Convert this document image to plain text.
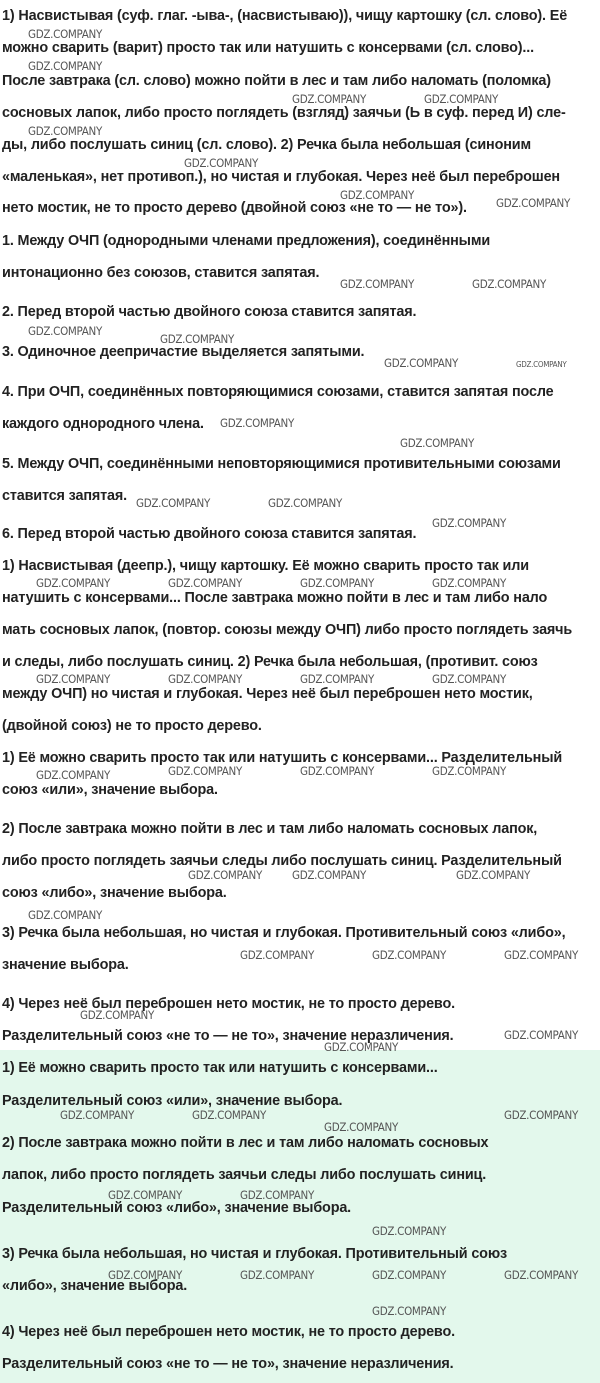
1) Насвистывая (суф. глаг. -ыва-, (насвистываю)), чищу картошку (сл. слово). Её
можно сварить (варит) просто так или натушить с консервами (сл. слово)...
После завтрака (сл. слово) можно пойти в лес и там либо наломать (поломка)
сосновых лапок, либо просто поглядеть (взгляд) заячьи (Ь в суф. перед И) сле-
ды, либо послушать синиц (сл. слово). 2) Речка была небольшая (синоним
«маленькая», нет противоп.), но чистая и глубокая. Через неё был переброшен
нето мостик, не то просто дерево (двойной союз «не то — не то»).
1. Между ОЧП (однородными членами предложения), соединёнными
интонационно без союзов, ставится запятая.
2. Перед второй частью двойного союза ставится запятая.
3. Одиночное деепричастие выделяется запятыми.
4. При ОЧП, соединённых повторяющимися союзами, ставится запятая после
каждого однородного члена.
5. Между ОЧП, соединёнными неповторяющимися противительными союзами
ставится запятая.
6. Перед второй частью двойного союза ставится запятая.
1) Насвистывая (деепр.), чищу картошку. Её можно сварить просто так или
натушить с консервами... После завтрака можно пойти в лес и там либо нало
мать сосновых лапок, (повтор. союзы между ОЧП) либо просто поглядеть заячь
и следы, либо послушать синиц. 2) Речка была небольшая, (противит. союз
между ОЧП) но чистая и глубокая. Через неё был переброшен нето мостик,
(двойной союз) не то просто дерево.
1) Её можно сварить просто так или натушить с консервами... Разделительный
союз «или», значение выбора.
2) После завтрака можно пойти в лес и там либо наломать сосновых лапок,
либо просто поглядеть заячьи следы либо послушать синиц. Разделительный
союз «либо», значение выбора.
3) Речка была небольшая, но чистая и глубокая. Противительный союз «либо»,
значение выбора.
4) Через неё был переброшен нето мостик, не то просто дерево.
Разделительный союз «не то — не то», значение неразличения.
1) Её можно сварить просто так или натушить с консервами...
Разделительный союз «или», значение выбора.
2) После завтрака можно пойти в лес и там либо наломать сосновых
лапок, либо просто поглядеть заячьи следы либо послушать синиц.
Разделительный союз «либо», значение выбора.
3) Речка была небольшая, но чистая и глубокая. Противительный союз
«либо», значение выбора.
4) Через неё был переброшен нето мостик, не то просто дерево.
Разделительный союз «не то — не то», значение неразличения.
GDZ.COMPANY
GDZ.COMPANY
GDZ.COMPANY	GDZ.COMPANY
GDZ.COMPANY
GDZ.COMPANY
GDZ.COMPANY
GDZ.COMPANY
GDZ.COMPANY	GDZ.COMPANY
GDZ.COMPANY
GDZ.COMPANY
GDZ.COMPANY	GDZ.COMPANY
GDZ.COMPANY
GDZ.COMPANY
GDZ.COMPANY	GDZ.COMPANY
GDZ.COMPANY
GDZ.COMPANY	GDZ.COMPANY	GDZ.COMPANY	GDZ.COMPANY
GDZ.COMPANY	GDZ.COMPANY	GDZ.COMPANY	GDZ.COMPANY
GDZ.COMPANY	GDZ.COMPANY	GDZ.COMPANY	GDZ.COMPANY
GDZ.COMPANY	GDZ.COMPANY	GDZ.COMPANY
GDZ.COMPANY
GDZ.COMPANY	GDZ.COMPANY	GDZ.COMPANY
GDZ.COMPANY
GDZ.COMPANY
GDZ.COMPANY
GDZ.COMPANY	GDZ.COMPANY
GDZ.COMPANY
GDZ.COMPANY
GDZ.COMPANY	GDZ.COMPANY
GDZ.COMPANY
GDZ.COMPANY	GDZ.COMPANY	GDZ.COMPANY	GDZ.COMPANY
GDZ.COMPANY
